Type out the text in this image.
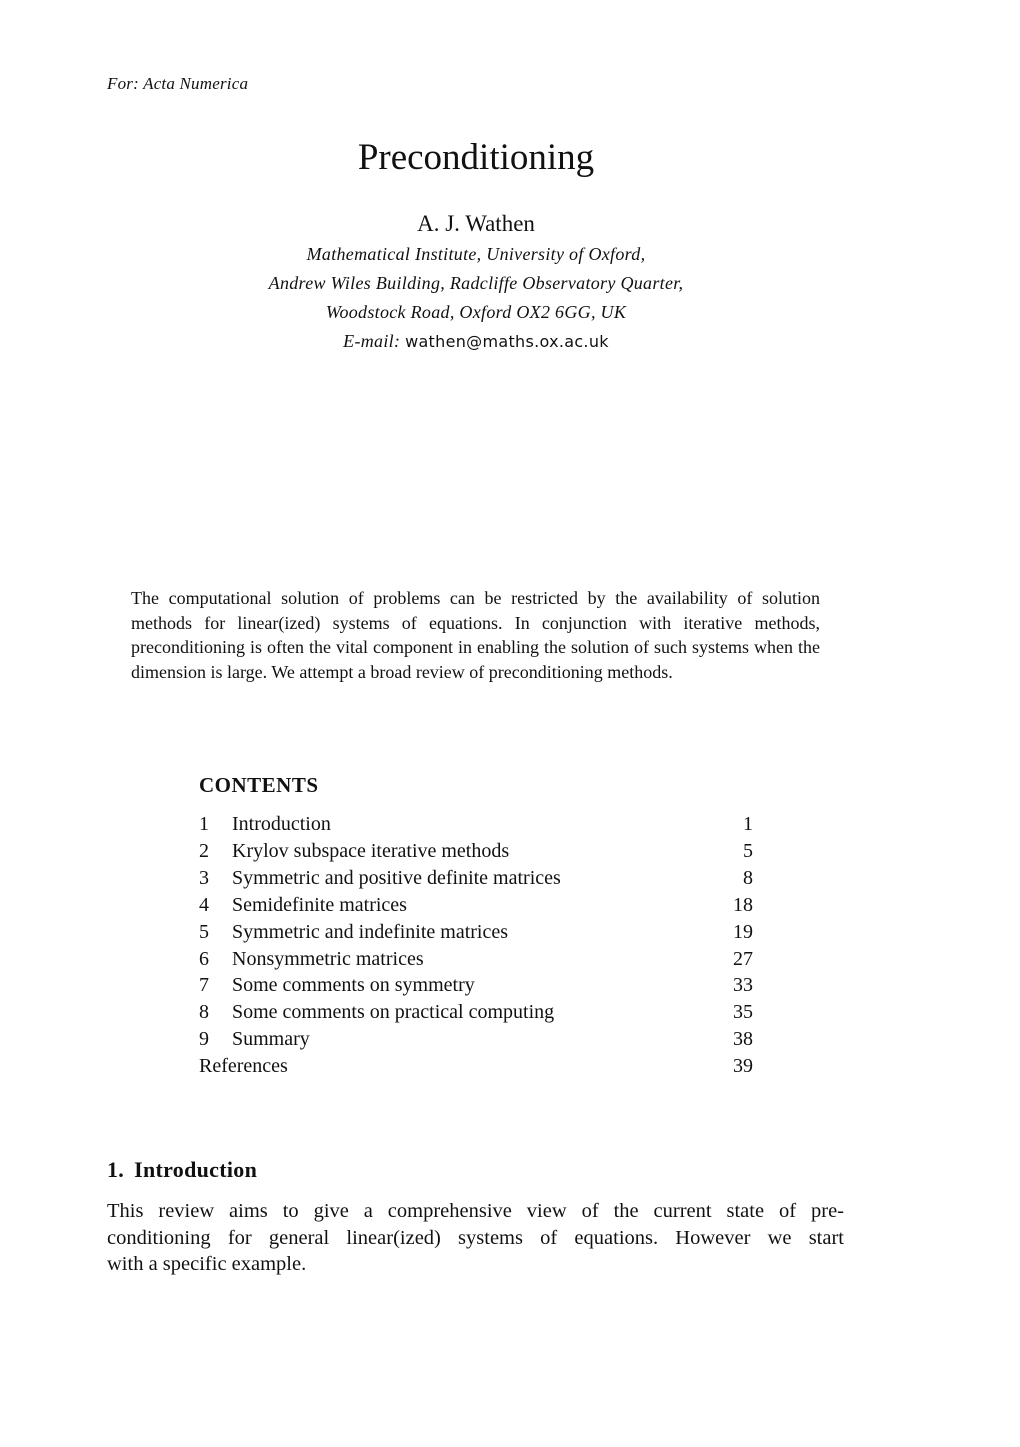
For: Acta Numerica
Preconditioning
A. J. Wathen
Mathematical Institute, University of Oxford,
Andrew Wiles Building, Radcliffe Observatory Quarter,
Woodstock Road, Oxford OX2 6GG, UK
E-mail: wathen@maths.ox.ac.uk

The computational solution of problems can be restricted by the availability of solution methods for linear(ized) systems of equations. In conjunction with iterative methods, preconditioning is often the vital component in enabling the solution of such systems when the dimension is large. We attempt a broad review of preconditioning methods.

CONTENTS
1	Introduction	1
2	Krylov subspace iterative methods	5
3	Symmetric and positive definite matrices	8
4	Semidefinite matrices	18
5	Symmetric and indefinite matrices	19
6	Nonsymmetric matrices	27
7	Some comments on symmetry	33
8	Some comments on practical computing	35
9	Summary	38
References	39
1. Introduction

This review aims to give a comprehensive view of the current state of pre-
conditioning for general linear(ized) systems of equations. However we start
with a specific example.
